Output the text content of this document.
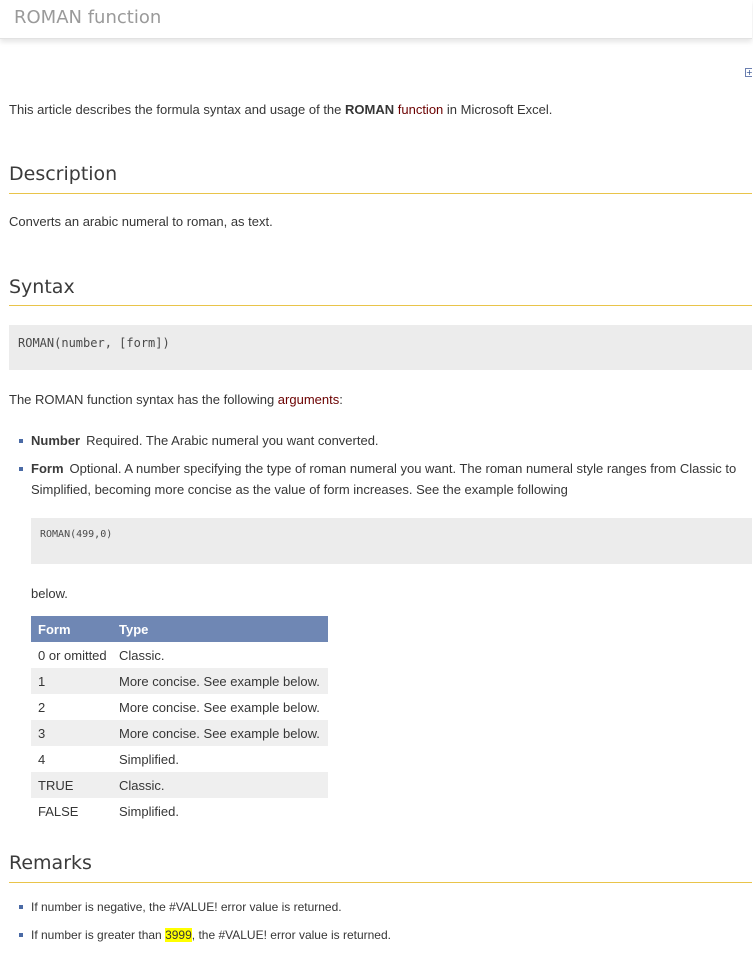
ROMAN function
+
This article describes the formula syntax and usage of the ROMAN function in Microsoft Excel.
Description
Converts an arabic numeral to roman, as text.
Syntax
ROMAN(number, [form])
The ROMAN function syntax has the following arguments:
Number Required. The Arabic numeral you want converted.
Form Optional. A number specifying the type of roman numeral you want. The roman numeral style ranges from Classic to Simplified, becoming more concise as the value of form increases. See the example following
ROMAN(499,0)
below.
Form	Type
0 or omitted	Classic.
1	More concise. See example below.
2	More concise. See example below.
3	More concise. See example below.
4	Simplified.
TRUE	Classic.
FALSE	Simplified.
Remarks
If number is negative, the #VALUE! error value is returned.
If number is greater than 3999, the #VALUE! error value is returned.
